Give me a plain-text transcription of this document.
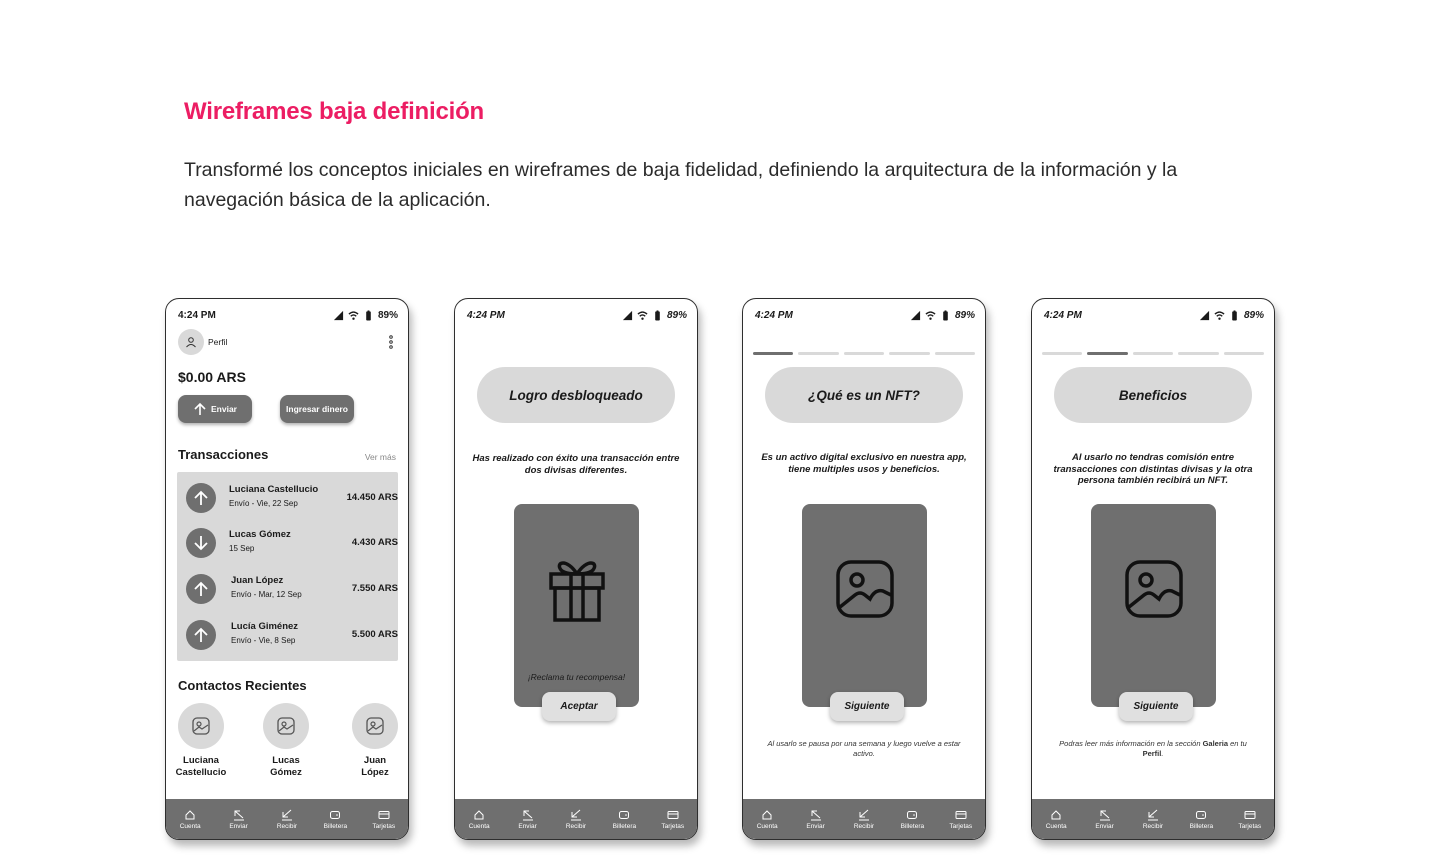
Wireframes baja definición
Transformé los conceptos iniciales en wireframes de baja fidelidad, definiendo la arquitectura de la información y la navegación básica de la aplicación.
4:24 PM	89%
Perfil
$0.00 ARS
Enviar	Ingresar dinero
Transacciones	Ver más
Luciana Castellucio
Envío - Vie, 22 Sep
14.450 ARS
Lucas Gómez
15 Sep
4.430 ARS
Juan López
Envío - Mar, 12 Sep
7.550 ARS
Lucía Giménez
Envío - Vie, 8 Sep
5.500 ARS
Contactos Recientes
Luciana
Castellucio
Lucas
Gómez
Juan
López
Cuenta	Enviar	Recibir	Billetera	Tarjetas
4:24 PM	89%
Logro desbloqueado
Has realizado con éxito una transacción entre dos divisas diferentes.
¡Reclama tu recompensa!
Aceptar
Cuenta	Enviar	Recibir	Billetera	Tarjetas
4:24 PM	89%
¿Qué es un NFT?
Es un activo digital exclusivo en nuestra app, tiene multiples usos y beneficios.
Siguiente
Al usarlo se pausa por una semana y luego vuelve a estar activo.
Cuenta	Enviar	Recibir	Billetera	Tarjetas
4:24 PM	89%
Beneficios
Al usarlo no tendras comisión entre transacciones con distintas divisas y la otra persona también recibirá un NFT.
Siguiente
Podras leer más información en la sección Galeria en tu Perfil.
Cuenta	Enviar	Recibir	Billetera	Tarjetas
